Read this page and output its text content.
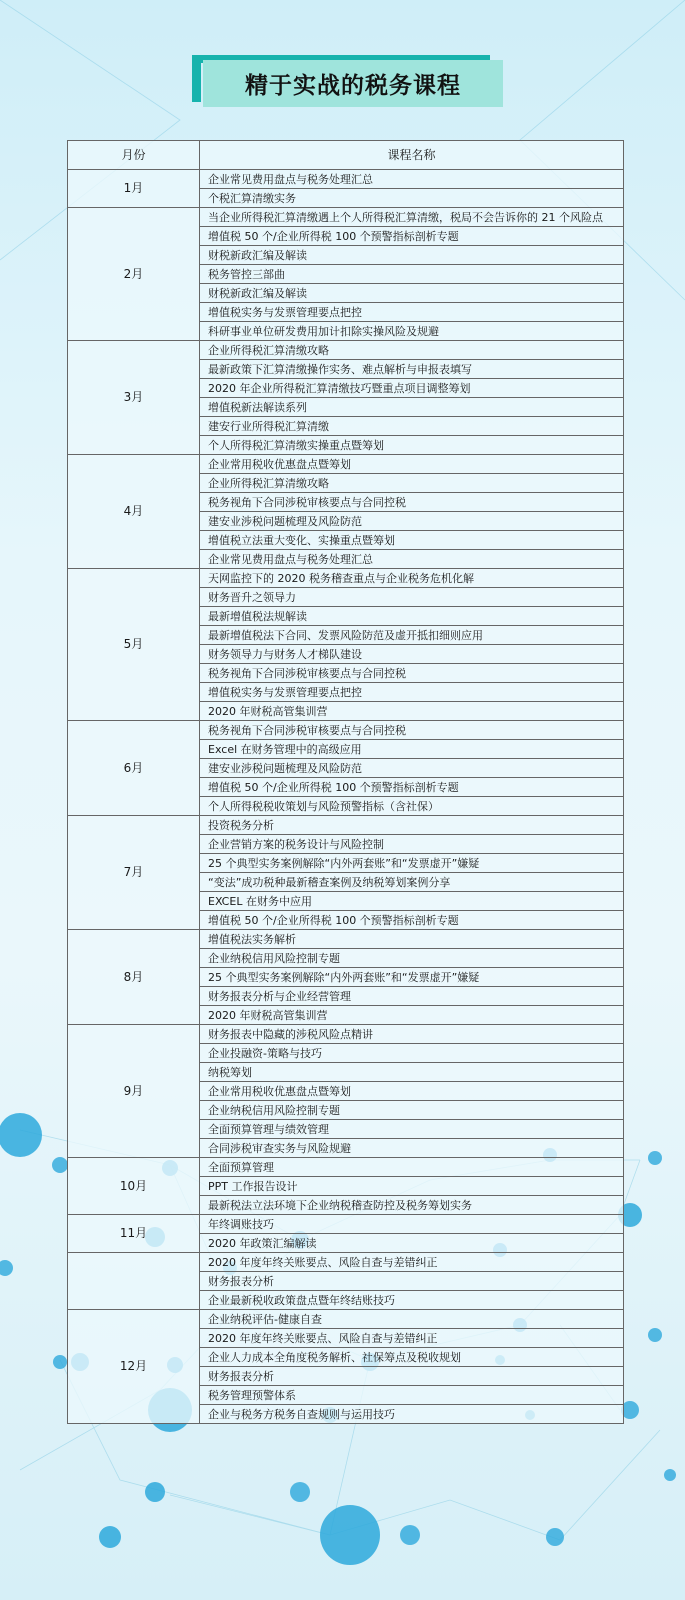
精于实战的税务课程
月份	课程名称
1月	企业常见费用盘点与税务处理汇总
	个税汇算清缴实务
2月	当企业所得税汇算清缴遇上个人所得税汇算清缴，税局不会告诉你的 21 个风险点
	增值税 50 个/企业所得税 100 个预警指标剖析专题
	财税新政汇编及解读
	税务管控三部曲
	财税新政汇编及解读
	增值税实务与发票管理要点把控
	科研事业单位研发费用加计扣除实操风险及规避
3月	企业所得税汇算清缴攻略
	最新政策下汇算清缴操作实务、难点解析与申报表填写
	2020 年企业所得税汇算清缴技巧暨重点项目调整筹划
	增值税新法解读系列
	建安行业所得税汇算清缴
	个人所得税汇算清缴实操重点暨筹划
4月	企业常用税收优惠盘点暨筹划
	企业所得税汇算清缴攻略
	税务视角下合同涉税审核要点与合同控税
	建安业涉税问题梳理及风险防范
	增值税立法重大变化、实操重点暨筹划
	企业常见费用盘点与税务处理汇总
5月	天网监控下的 2020 税务稽查重点与企业税务危机化解
	财务晋升之领导力
	最新增值税法规解读
	最新增值税法下合同、发票风险防范及虚开抵扣细则应用
	财务领导力与财务人才梯队建设
	税务视角下合同涉税审核要点与合同控税
	增值税实务与发票管理要点把控
	2020 年财税高管集训营
6月	税务视角下合同涉税审核要点与合同控税
	Excel 在财务管理中的高级应用
	建安业涉税问题梳理及风险防范
	增值税 50 个/企业所得税 100 个预警指标剖析专题
	个人所得税税收策划与风险预警指标（含社保）
7月	投资税务分析
	企业营销方案的税务设计与风险控制
	25 个典型实务案例解除“内外两套账”和“发票虚开”嫌疑
	“变法”成功税种最新稽查案例及纳税筹划案例分享
	EXCEL 在财务中应用
	增值税 50 个/企业所得税 100 个预警指标剖析专题
8月	增值税法实务解析
	企业纳税信用风险控制专题
	25 个典型实务案例解除“内外两套账”和“发票虚开”嫌疑
	财务报表分析与企业经营管理
	2020 年财税高管集训营
9月	财务报表中隐藏的涉税风险点精讲
	企业投融资-策略与技巧
	纳税筹划
	企业常用税收优惠盘点暨筹划
	企业纳税信用风险控制专题
	全面预算管理与绩效管理
	合同涉税审查实务与风险规避
10月	全面预算管理
	PPT 工作报告设计
	最新税法立法环境下企业纳税稽查防控及税务筹划实务
11月	年终调账技巧
	2020 年政策汇编解读
	2020 年度年终关账要点、风险自查与差错纠正
	财务报表分析
	企业最新税收政策盘点暨年终结账技巧
12月	企业纳税评估-健康自查
	2020 年度年终关账要点、风险自查与差错纠正
	企业人力成本全角度税务解析、社保筹点及税收规划
	财务报表分析
	税务管理预警体系
	企业与税务方税务自查规则与运用技巧
